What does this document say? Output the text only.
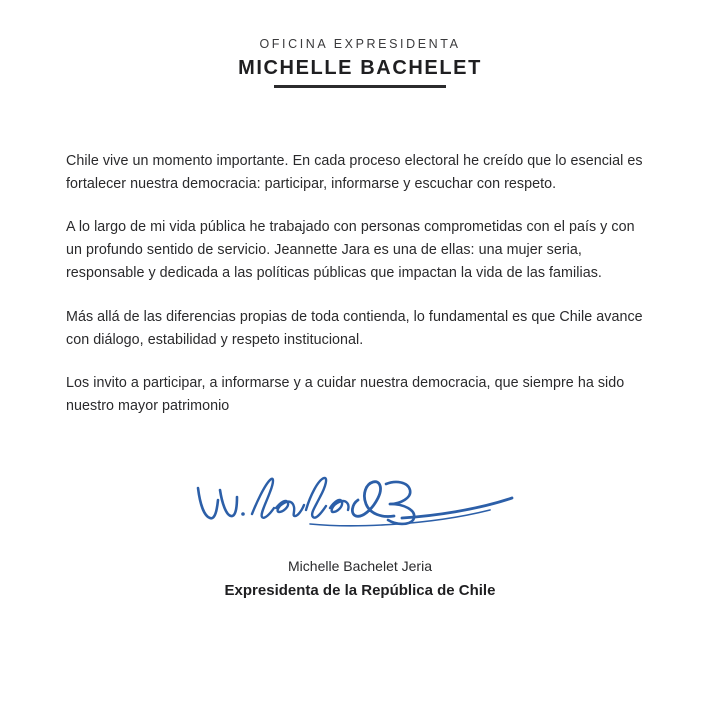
OFICINA EXPRESIDENTA
MICHELLE BACHELET

Chile vive un momento importante. En cada proceso electoral he creído que lo esencial es fortalecer nuestra democracia: participar, informarse y escuchar con respeto.

A lo largo de mi vida pública he trabajado con personas comprometidas con el país y con un profundo sentido de servicio. Jeannette Jara es una de ellas: una mujer seria, responsable y dedicada a las políticas públicas que impactan la vida de las familias.

Más allá de las diferencias propias de toda contienda, lo fundamental es que Chile avance con diálogo, estabilidad y respeto institucional.

Los invito a participar, a informarse y a cuidar nuestra democracia, que siempre ha sido nuestro mayor patrimonio

Michelle Bachelet Jeria
Expresidenta de la República de Chile
